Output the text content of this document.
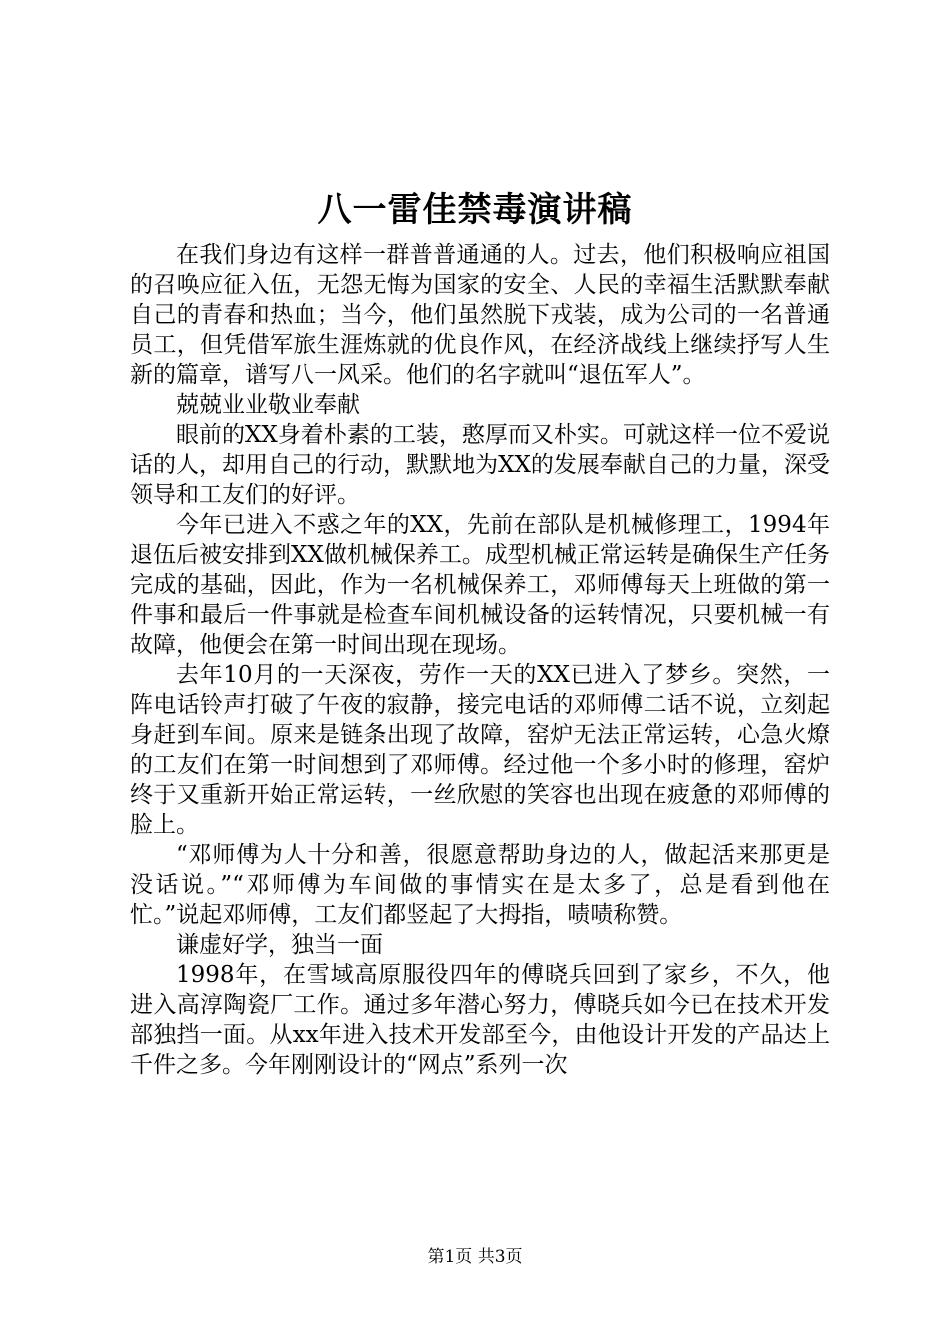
八一雷佳禁毒演讲稿

在我们身边有这样一群普普通通的人。过去，他们积极响应祖国的召唤应征入伍，无怨无悔为国家的安全、人民的幸福生活默默奉献自己的青春和热血；当今，他们虽然脱下戎装，成为公司的一名普通员工，但凭借军旅生涯炼就的优良作风，在经济战线上继续抒写人生新的篇章，谱写八一风采。他们的名字就叫“退伍军人”。

兢兢业业敬业奉献

眼前的XX身着朴素的工装，憨厚而又朴实。可就这样一位不爱说话的人，却用自己的行动，默默地为XX的发展奉献自己的力量，深受领导和工友们的好评。

今年已进入不惑之年的XX，先前在部队是机械修理工，1994年退伍后被安排到XX做机械保养工。成型机械正常运转是确保生产任务完成的基础，因此，作为一名机械保养工，邓师傅每天上班做的第一件事和最后一件事就是检查车间机械设备的运转情况，只要机械一有故障，他便会在第一时间出现在现场。

去年10月的一天深夜，劳作一天的XX已进入了梦乡。突然，一阵电话铃声打破了午夜的寂静，接完电话的邓师傅二话不说，立刻起身赶到车间。原来是链条出现了故障，窑炉无法正常运转，心急火燎的工友们在第一时间想到了邓师傅。经过他一个多小时的修理，窑炉终于又重新开始正常运转，一丝欣慰的笑容也出现在疲惫的邓师傅的脸上。

“邓师傅为人十分和善，很愿意帮助身边的人，做起活来那更是没话说。”“邓师傅为车间做的事情实在是太多了，总是看到他在忙。”说起邓师傅，工友们都竖起了大拇指，啧啧称赞。

谦虚好学，独当一面

1998年，在雪域高原服役四年的傅晓兵回到了家乡，不久，他进入高淳陶瓷厂工作。通过多年潜心努力，傅晓兵如今已在技术开发部独挡一面。从xx年进入技术开发部至今，由他设计开发的产品达上千件之多。今年刚刚设计的“网点”系列一次

第1页 共3页
